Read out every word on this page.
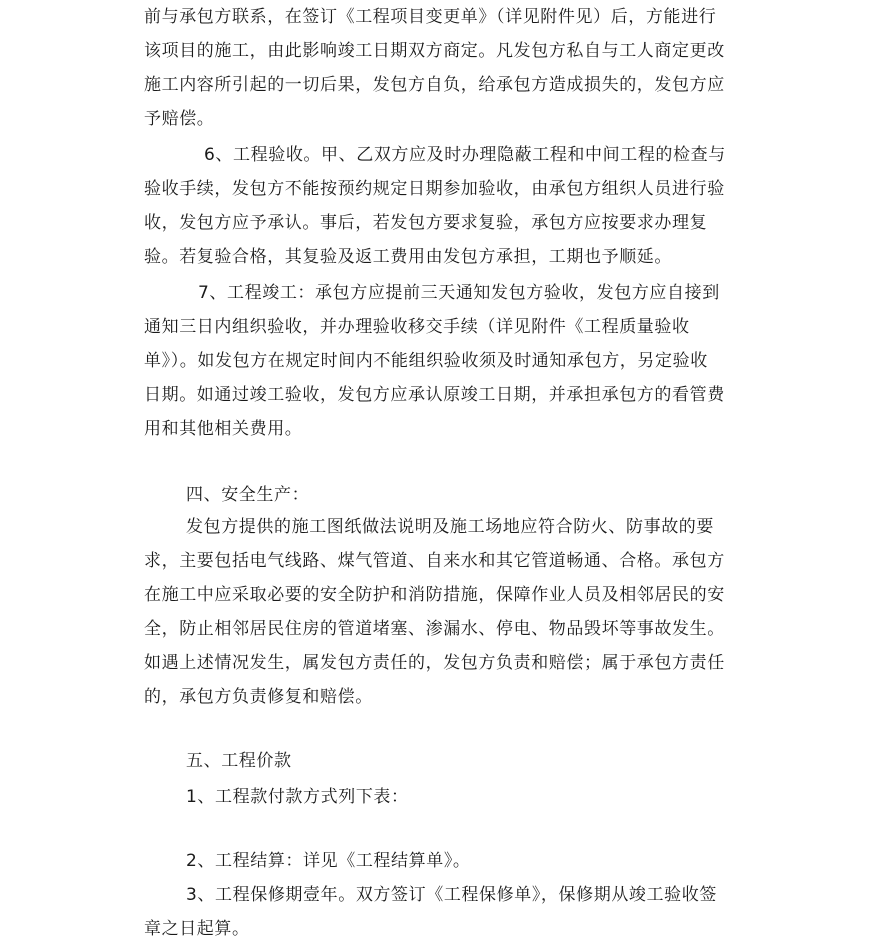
前与承包方联系，在签订《工程项目变更单》（详见附件见）后，方能进行
该项目的施工，由此影响竣工日期双方商定。凡发包方私自与工人商定更改
施工内容所引起的一切后果，发包方自负，给承包方造成损失的，发包方应
予赔偿。
6、工程验收。甲、乙双方应及时办理隐蔽工程和中间工程的检查与
验收手续，发包方不能按预约规定日期参加验收，由承包方组织人员进行验
收，发包方应予承认。事后，若发包方要求复验，承包方应按要求办理复
验。若复验合格，其复验及返工费用由发包方承担，工期也予顺延。
7、工程竣工：承包方应提前三天通知发包方验收，发包方应自接到
通知三日内组织验收，并办理验收移交手续（详见附件《工程质量验收
单》）。如发包方在规定时间内不能组织验收须及时通知承包方，另定验收
日期。如通过竣工验收，发包方应承认原竣工日期，并承担承包方的看管费
用和其他相关费用。
四、安全生产：
发包方提供的施工图纸做法说明及施工场地应符合防火、防事故的要
求，主要包括电气线路、煤气管道、自来水和其它管道畅通、合格。承包方
在施工中应采取必要的安全防护和消防措施，保障作业人员及相邻居民的安
全，防止相邻居民住房的管道堵塞、渗漏水、停电、物品毁坏等事故发生。
如遇上述情况发生，属发包方责任的，发包方负责和赔偿；属于承包方责任
的，承包方负责修复和赔偿。
五、工程价款
1、工程款付款方式列下表：
2、工程结算：详见《工程结算单》。
3、工程保修期壹年。双方签订《工程保修单》，保修期从竣工验收签
章之日起算。
